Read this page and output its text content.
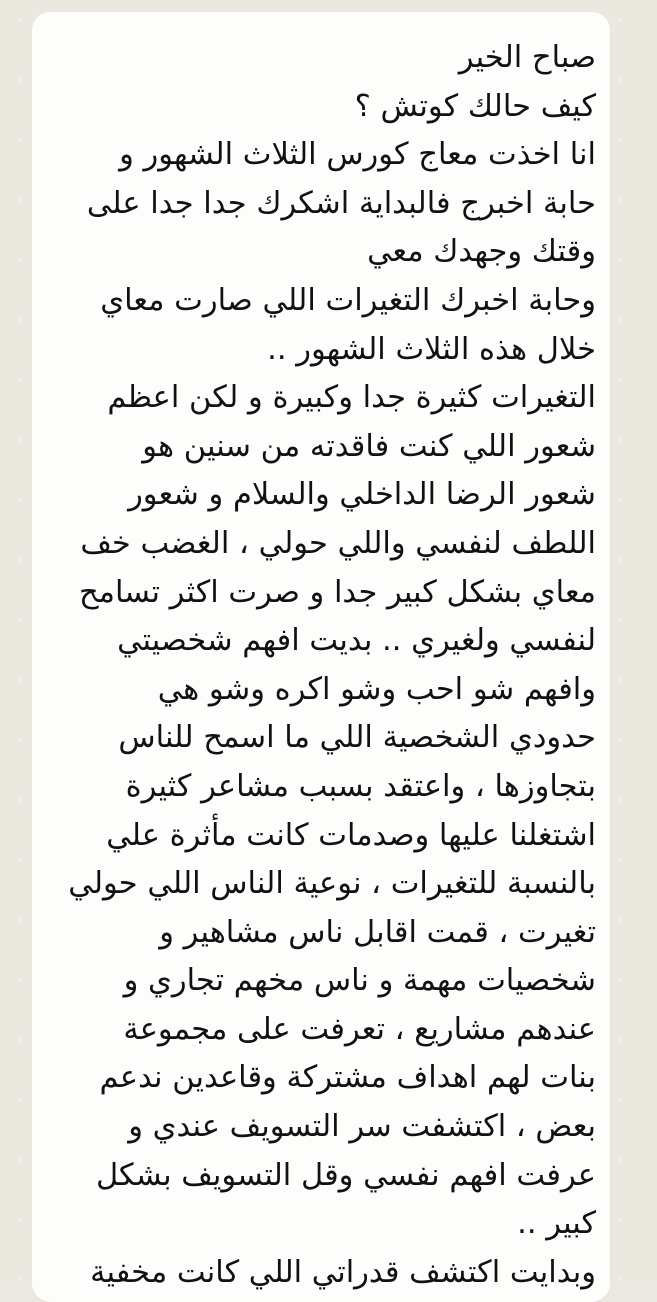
صباح الخير
كيف حالك كوتش ؟
انا اخذت معاج كورس الثلاث الشهور و
حابة اخبرج فالبداية اشكرك جدا جدا على
وقتك وجهدك معي
وحابة اخبرك التغيرات اللي صارت معاي
خلال هذه الثلاث الشهور ..
التغيرات كثيرة جدا وكبيرة و لكن اعظم
شعور اللي كنت فاقدته من سنين هو
شعور الرضا الداخلي والسلام و شعور
اللطف لنفسي واللي حولي ، الغضب خف
معاي بشكل كبير جدا و صرت اكثر تسامح
لنفسي ولغيري .. بديت افهم شخصيتي
وافهم شو احب وشو اكره وشو هي
حدودي الشخصية اللي ما اسمح للناس
بتجاوزها ، واعتقد بسبب مشاعر كثيرة
اشتغلنا عليها وصدمات كانت مأثرة علي
بالنسبة للتغيرات ، نوعية الناس اللي حولي
تغيرت ، قمت اقابل ناس مشاهير و
شخصيات مهمة و ناس مخهم تجاري و
عندهم مشاريع ، تعرفت على مجموعة
بنات لهم اهداف مشتركة وقاعدين ندعم
بعض ، اكتشفت سر التسويف عندي و
عرفت افهم نفسي وقل التسويف بشكل
كبير ..
وبدايت اكتشف قدراتي اللي كانت مخفية
